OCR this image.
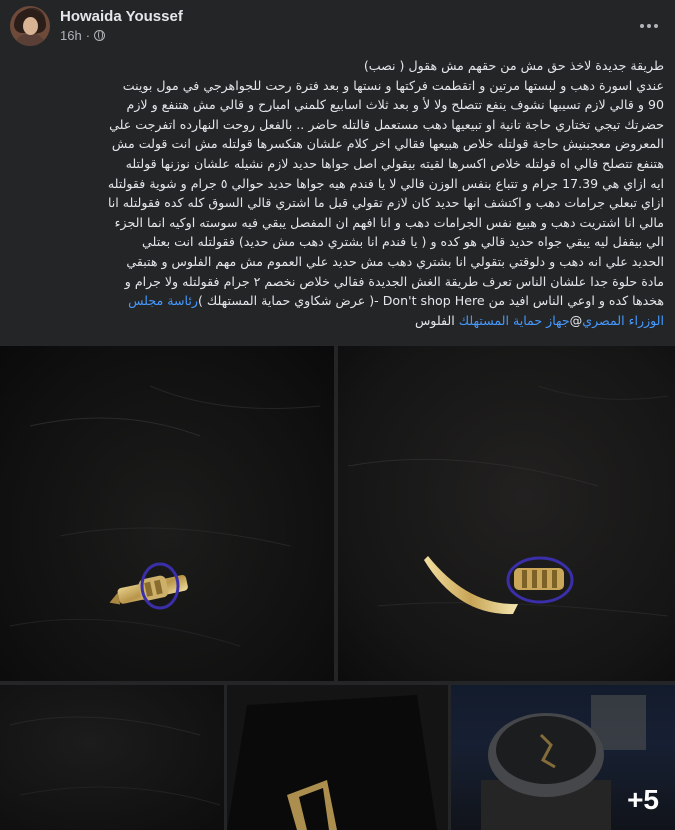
Howaida Youssef
16h ·

طريقة جديدة لاخذ حق مش من حقهم مش هقول ( نصب)

عندي اسورة دهب و لبستها مرتين و اتقطمت فركتها و نستها و بعد فترة رحت للجواهرجي في مول بوينت

90 و قالي لازم تسيبها نشوف ينفع تتصلح ولا لأ و بعد ثلاث اسابيع كلمني امبارح و قالي مش هتنفع و لازم

حضرتك تيجي تختاري حاجة تانية او تبيعيها دهب مستعمل قالتله حاضر .. بالفعل روحت النهارده اتفرجت علي

المعروض معجبنيش حاجة قولتله خلاص هبيعها فقالي اخر كلام علشان هنكسرها قولتله مش انت قولت مش

هتنفع تتصلح قالي اه قولتله خلاص اكسرها لقيته بيقولي اصل جواها حديد لازم نشيله علشان نوزنها قولتله

ايه ازاي هي 17.39 جرام و تتباع بنفس الوزن قالي لا يا فندم هيه جواها حديد حوالي ٥ جرام و شوية فقولتله

ازاي تبعلي جرامات دهب و اكتشف انها حديد كان لازم تقولي قبل ما اشتري قالي السوق كله كده فقولتله انا

مالي انا اشتريت دهب و هبيع نفس الجرامات دهب و انا افهم ان المفصل يبقي فيه سوسته اوكيه انما الجزء

الي بيقفل ليه يبقي جواه حديد قالي هو كده و ( يا فندم انا بشتري دهب مش حديد) فقولتله انت بعتلي

الحديد علي انه دهب و دلوقتي بتقولي انا بشتري دهب مش حديد علي العموم مش مهم الفلوس و هتبقي

مادة حلوة جدا علشان الناس تعرف طريقة الغش الجديدة فقالي خلاص نخصم ٢ جرام فقولتله ولا جرام و

هخدها كده و اوعي الناس افيد من Don't shop Here -( عرض شكاوي حماية المستهلك )رئاسة مجلس

الوزراء المصري@جهاز حماية المستهلك الفلوس

+5
